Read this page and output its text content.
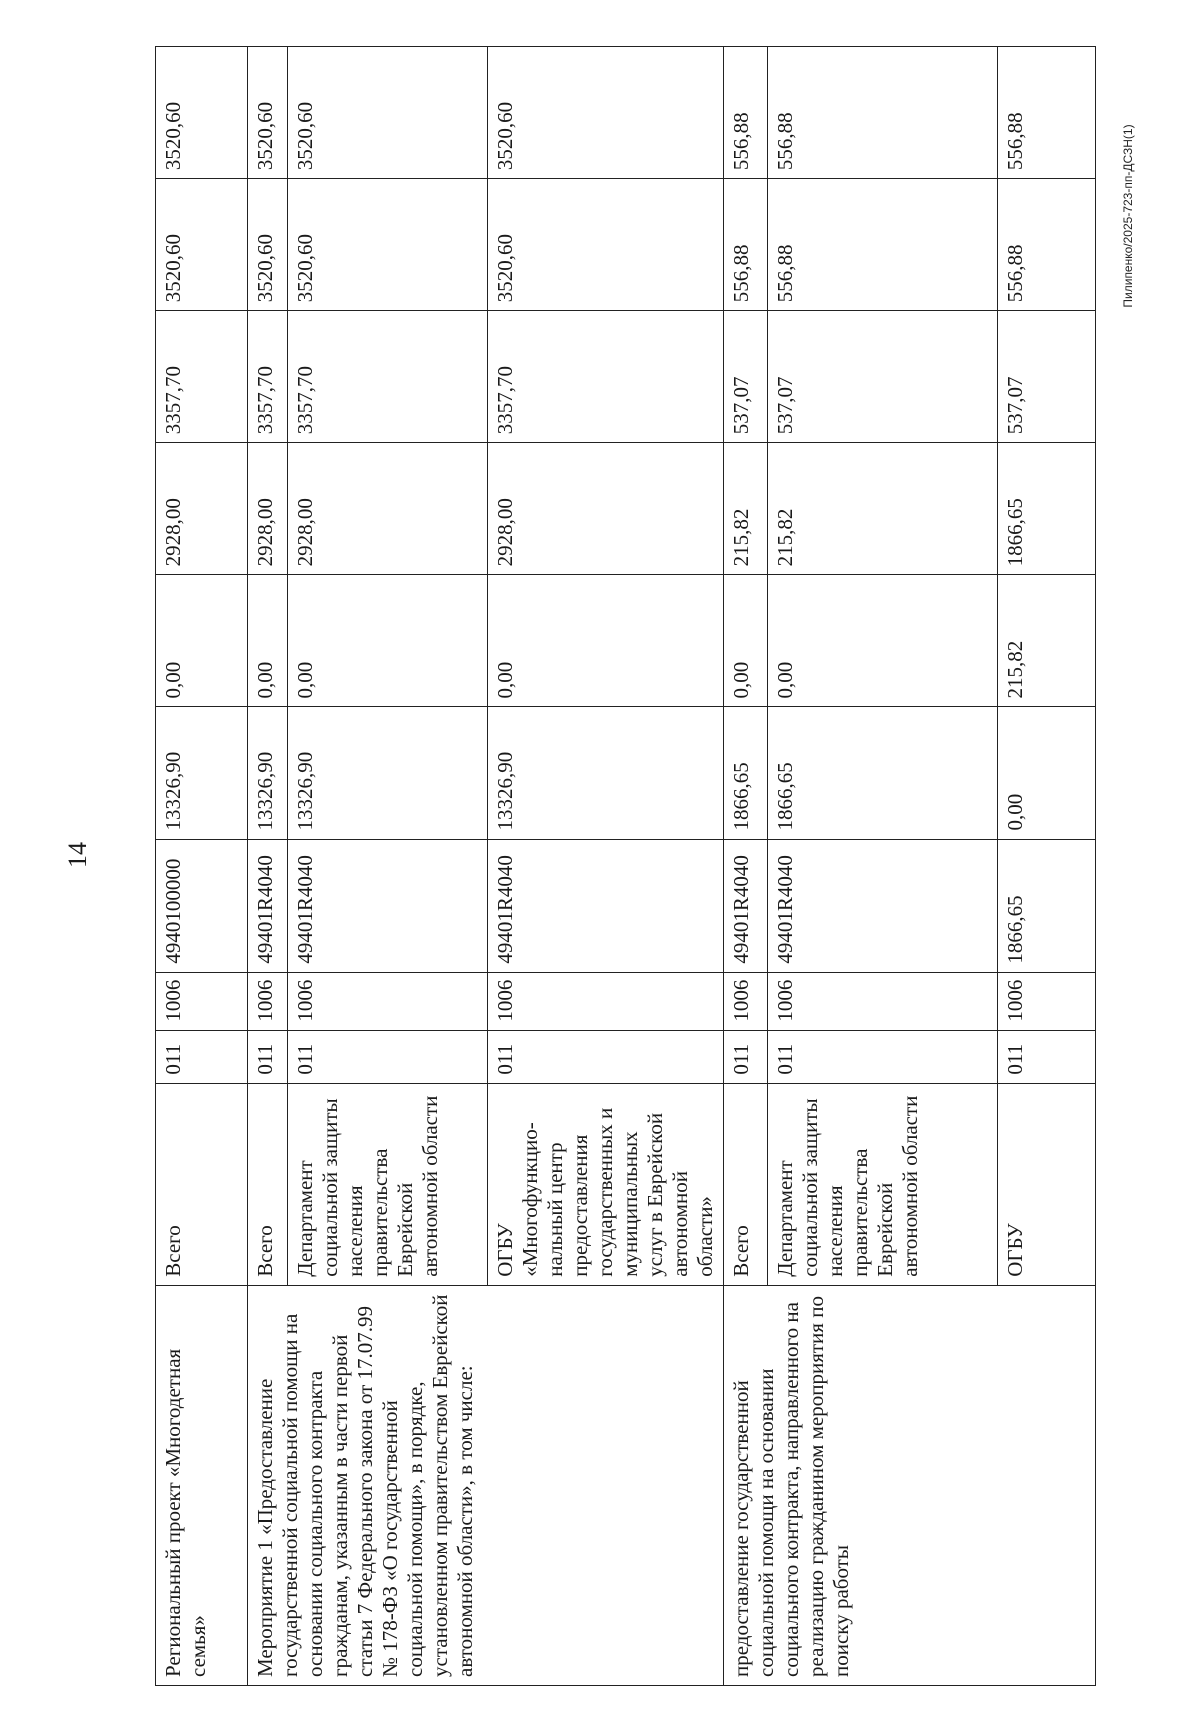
14
Пилипенко/2025-723-пп-ДСЗН(1)
Региональный проект «Многодетная семья»	Всего	011	1006	4940100000	13326,90	0,00	2928,00	3357,70	3520,60	3520,60
Мероприятие 1 «Предоставление государственной социальной помощи на основании социального контракта гражданам, указанным в части первой статьи 7 Федерального закона от 17.07.99 № 178-ФЗ «О государственной социальной помощи», в порядке, установленном правительством Еврейской автономной области», в том числе:	Всего	011	1006	49401R4040	13326,90	0,00	2928,00	3357,70	3520,60	3520,60
	Департамент социальной защиты населения правительства Еврейской автономной области	011	1006	49401R4040	13326,90	0,00	2928,00	3357,70	3520,60	3520,60
	ОГБУ «Многофункцио-нальный центр предоставления государственных и муниципальных услуг в Еврейской автономной области»	011	1006	49401R4040	13326,90	0,00	2928,00	3357,70	3520,60	3520,60
предоставление государственной социальной помощи на основании социального контракта, направленного на реализацию гражданином мероприятия по поиску работы	Всего	011	1006	49401R4040	1866,65	0,00	215,82	537,07	556,88	556,88
	Департамент социальной защиты населения правительства Еврейской автономной области	011	1006	49401R4040	1866,65	0,00	215,82	537,07	556,88	556,88
	ОГБУ	011	1006	1866,65	0,00	215,82	1866,65	537,07	556,88	556,88
